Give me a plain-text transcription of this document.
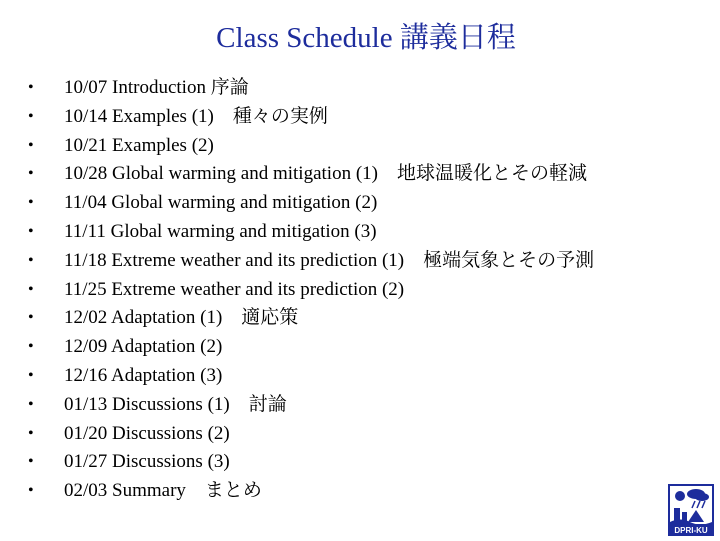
Class Schedule 講義日程
•	10/07 Introduction 序論
•	10/14 Examples (1)　種々の実例
•	10/21 Examples (2)
•	10/28 Global warming and mitigation (1)　地球温暖化とその軽減
•	11/04 Global warming and mitigation (2)
•	11/11 Global warming and mitigation (3)
•	11/18 Extreme weather and its prediction (1)　極端気象とその予測
•	11/25 Extreme weather and its prediction (2)
•	12/02 Adaptation (1)　適応策
•	12/09 Adaptation (2)
•	12/16 Adaptation (3)
•	01/13 Discussions (1)　討論
•	01/20 Discussions (2)
•	01/27 Discussions (3)
•	02/03 Summary　まとめ
DPRI-KU
